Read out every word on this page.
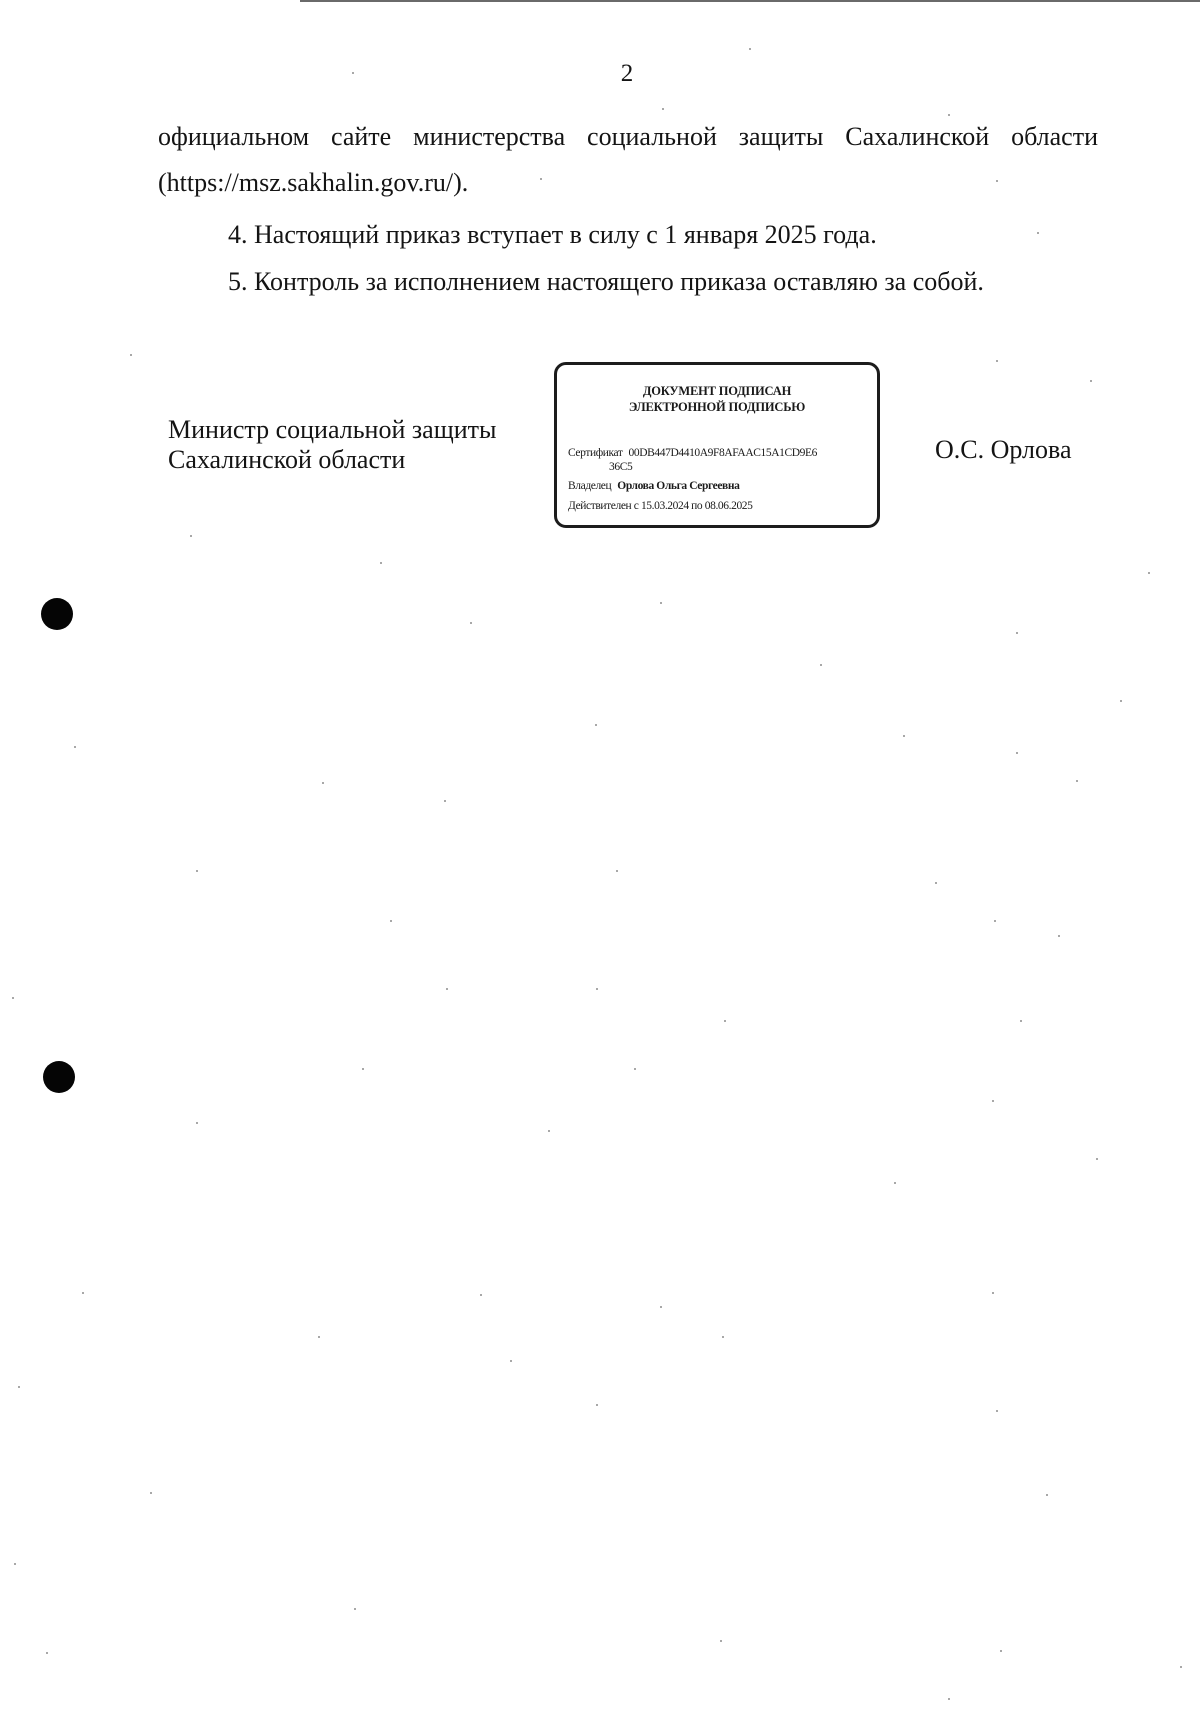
2
официальном сайте министерства социальной защиты Сахалинской области
(https://msz.sakhalin.gov.ru/).
4. Настоящий приказ вступает в силу с 1 января 2025 года.
5. Контроль за исполнением настоящего приказа оставляю за собой.
Министр социальной защиты
Сахалинской области
ДОКУМЕНТ ПОДПИСАН
ЭЛЕКТРОННОЙ ПОДПИСЬЮ
Сертификат 00DB447D4410A9F8AFAAC15A1CD9E6
36C5
Владелец Орлова Ольга Сергеевна
Действителен с 15.03.2024 по 08.06.2025
О.С. Орлова
